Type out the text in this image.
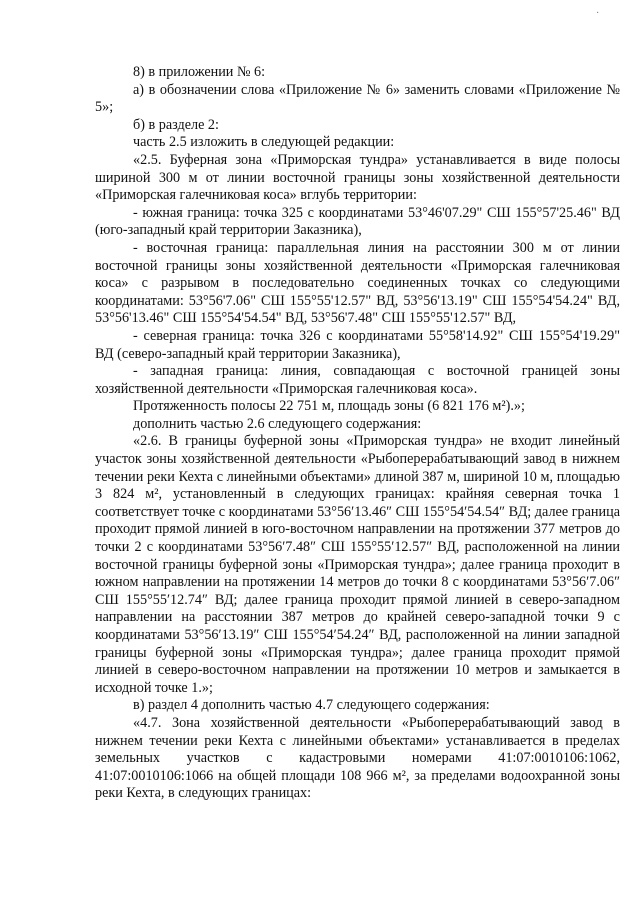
·

8) в приложении № 6:

а) в обозначении слова «Приложение № 6» заменить словами «Приложение № 5»;

б) в разделе 2:

часть 2.5 изложить в следующей редакции:

«2.5. Буферная зона «Приморская тундра» устанавливается в виде полосы шириной 300 м от линии восточной границы зоны хозяйственной деятельности «Приморская галечниковая коса» вглубь территории:

- южная граница: точка 325 с координатами 53°46'07.29" СШ 155°57'25.46" ВД (юго-западный край территории Заказника),

- восточная граница: параллельная линия на расстоянии 300 м от линии восточной границы зоны хозяйственной деятельности «Приморская галечниковая коса» с разрывом в последовательно соединенных точках со следующими координатами: 53°56'7.06" СШ 155°55'12.57" ВД, 53°56'13.19" СШ 155°54'54.24" ВД, 53°56'13.46" СШ 155°54'54.54" ВД, 53°56'7.48" СШ 155°55'12.57" ВД,

- северная граница: точка 326 с координатами 55°58'14.92" СШ 155°54'19.29" ВД (северо-западный край территории Заказника),

- западная граница: линия, совпадающая с восточной границей зоны хозяйственной деятельности «Приморская галечниковая коса».

Протяженность полосы 22 751 м, площадь зоны (6 821 176 м²).»;

дополнить частью 2.6 следующего содержания:

«2.6. В границы буферной зоны «Приморская тундра» не входит линейный участок зоны хозяйственной деятельности «Рыбоперерабатывающий завод в нижнем течении реки Кехта с линейными объектами» длиной 387 м, шириной 10 м, площадью 3 824 м², установленный в следующих границах: крайняя северная точка 1 соответствует точке с координатами 53°56′13.46″ СШ 155°54′54.54″ ВД; далее граница проходит прямой линией в юго-восточном направлении на протяжении 377 метров до точки 2 с координатами 53°56′7.48″ СШ 155°55′12.57″ ВД, расположенной на линии восточной границы буферной зоны «Приморская тундра»; далее граница проходит в южном направлении на протяжении 14 метров до точки 8 с координатами 53°56′7.06″ СШ 155°55′12.74″ ВД; далее граница проходит прямой линией в северо-западном направлении на расстоянии 387 метров до крайней северо-западной точки 9 с координатами 53°56′13.19″ СШ 155°54′54.24″ ВД, расположенной на линии западной границы буферной зоны «Приморская тундра»; далее граница проходит прямой линией в северо-восточном направлении на протяжении 10 метров и замыкается в исходной точке 1.»;

в) раздел 4 дополнить частью 4.7 следующего содержания:

«4.7. Зона хозяйственной деятельности «Рыбоперерабатывающий завод в нижнем течении реки Кехта с линейными объектами» устанавливается в пределах земельных участков с кадастровыми номерами 41:07:0010106:1062, 41:07:0010106:1066 на общей площади 108 966 м², за пределами водоохранной зоны реки Кехта, в следующих границах:
